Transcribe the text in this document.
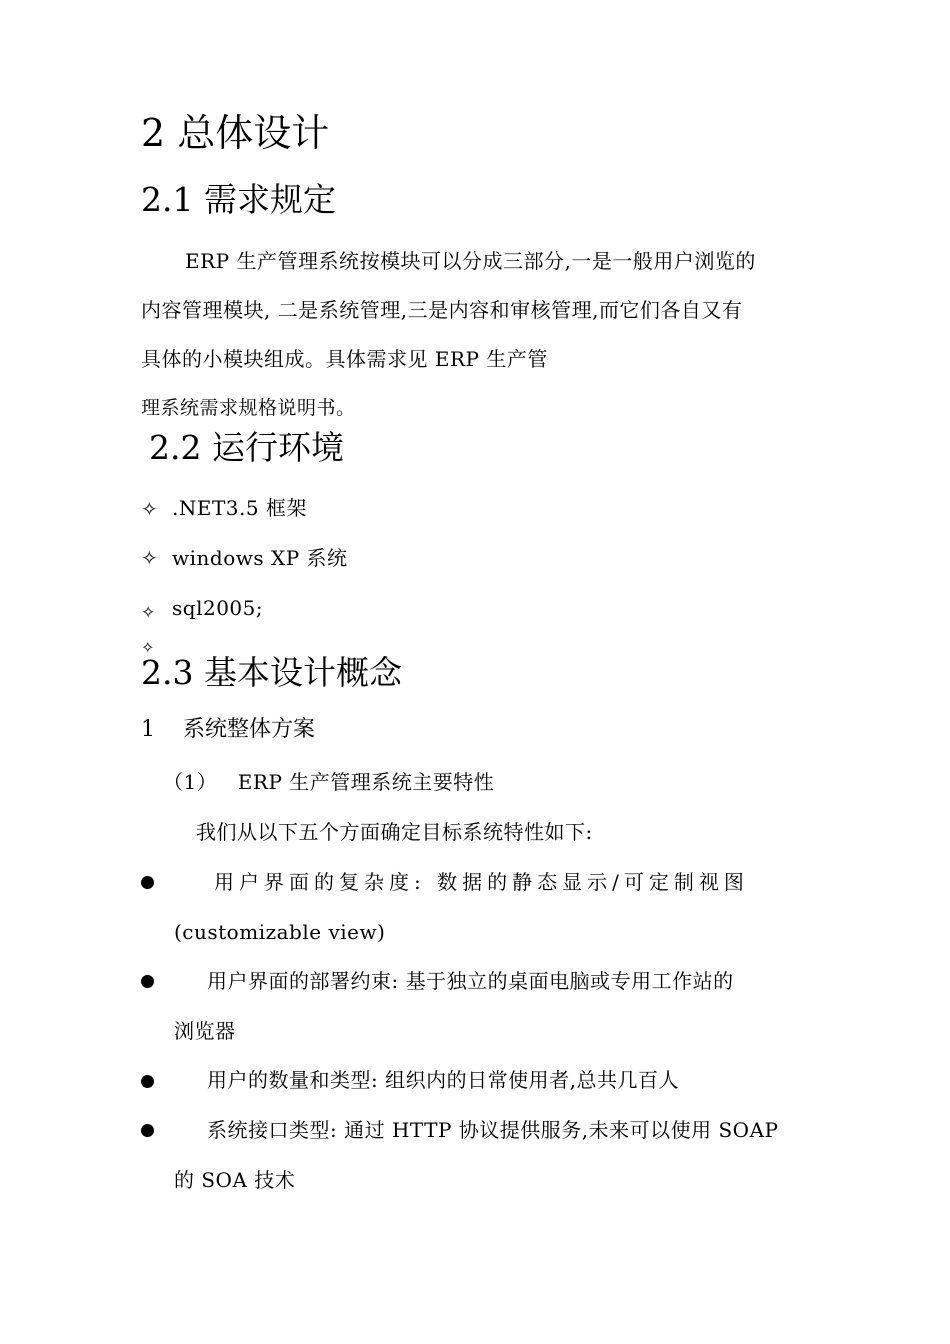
2 总体设计
2.1 需求规定
ERP 生产管理系统按模块可以分成三部分,一是一般用户浏览的
内容管理模块, 二是系统管理,三是内容和审核管理,而它们各自又有
具体的小模块组成。具体需求见 ERP 生产管
理系统需求规格说明书。
2.2 运行环境
✧ .NET3.5 框架
✧ windows XP 系统
✧ sql2005;
✧
2.3 基本设计概念
1    系统整体方案
（1）   ERP 生产管理系统主要特性
我们从以下五个方面确定目标系统特性如下:
用户界面的复杂度: 数据的静态显示/可定制视图
(customizable view)
用户界面的部署约束: 基于独立的桌面电脑或专用工作站的
浏览器
用户的数量和类型: 组织内的日常使用者,总共几百人
系统接口类型: 通过 HTTP 协议提供服务,未来可以使用 SOAP
的 SOA 技术
